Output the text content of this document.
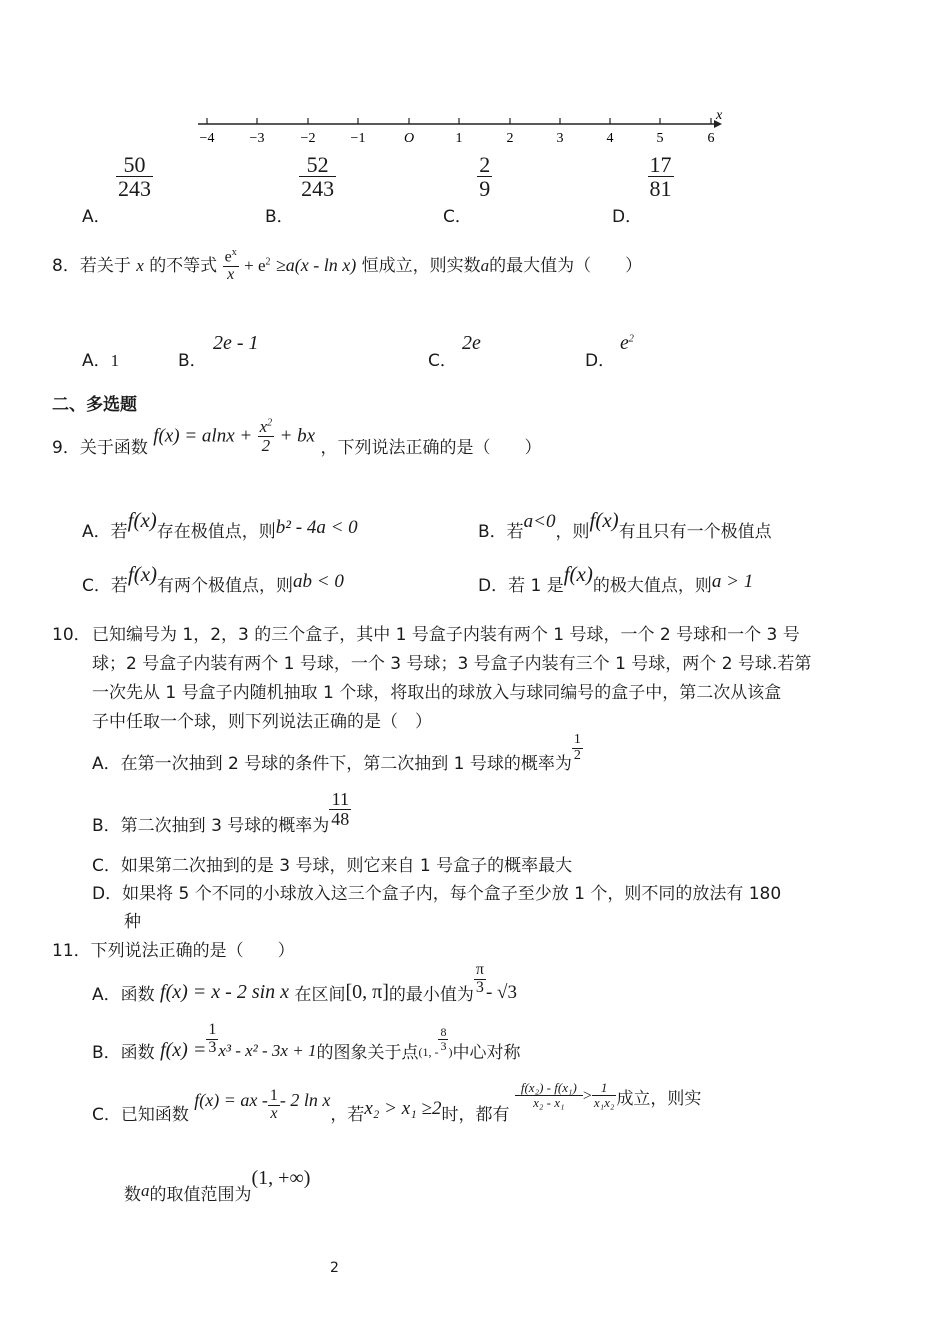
x
−4	−3	−2	−1	O	1	2	3	4	5	6
A．
$\frac{50}{243}$
B．
$\frac{52}{243}$
C．
$\frac{2}{9}$
D．
$\frac{17}{81}$
8．若关于 x 的不等式 $\frac{e^x}{x} + e^2 \ge a(x - \ln x)$ 恒成立，则实数a的最大值为（　　）
A．1	B．
2e - 1
C．
2e
D．
$e^2$
二、多选题
9．关于函数 $f(x) = alnx + \frac{x^2}{2}$ + bx ，下列说法正确的是（　　）
A．若f(x)存在极值点，则b² - 4a < 0	B．若a<0，则f(x)有且只有一个极值点
C．若f(x)有两个极值点，则ab < 0	D．若 1 是f(x)的极大值点，则a > 1
10． 已知编号为 1，2，3 的三个盒子，其中 1 号盒子内装有两个 1 号球，一个 2 号球和一个 3 号
球；2 号盒子内装有两个 1 号球，一个 3 号球；3 号盒子内装有三个 1 号球，两个 2 号球.若第
一次先从 1 号盒子内随机抽取 1 个球，将取出的球放入与球同编号的盒子中，第二次从该盒
子中任取一个球，则下列说法正确的是（　）
A．在第一次抽到 2 号球的条件下，第二次抽到 1 号球的概率为
$\frac{1}{2}$
B．第二次抽到 3 号球的概率为 $\frac{11}{48}$
C．如果第二次抽到的是 3 号球，则它来自 1 号盒子的概率最大
D．如果将 5 个不同的小球放入这三个盒子内，每个盒子至少放 1 个，则不同的放法有 180
种
11．下列说法正确的是（　　）
A．函数 f(x) = x - 2 sin x 在区间[0, π]的最小值为 $\frac{\pi}{3} - √3$
B．函数 $f(x) = \frac{1}{3} x^3 - x^2 - 3x + 1$的图象关于点$_{(1, -} \frac{8}{3} _)$中心对称
C．已知函数 f(x) = ax - $\frac{1}{x} - 2$ ln x，若x₂ > x₁ ≥2时，都有
$\frac{\text{f(x₂) - f(x₁)}}{\text{x₂ - x₁}} > \frac{1}{\text{x₁x₂}}$ 成立，则实
数a的取值范围为(1, +∞)
2
